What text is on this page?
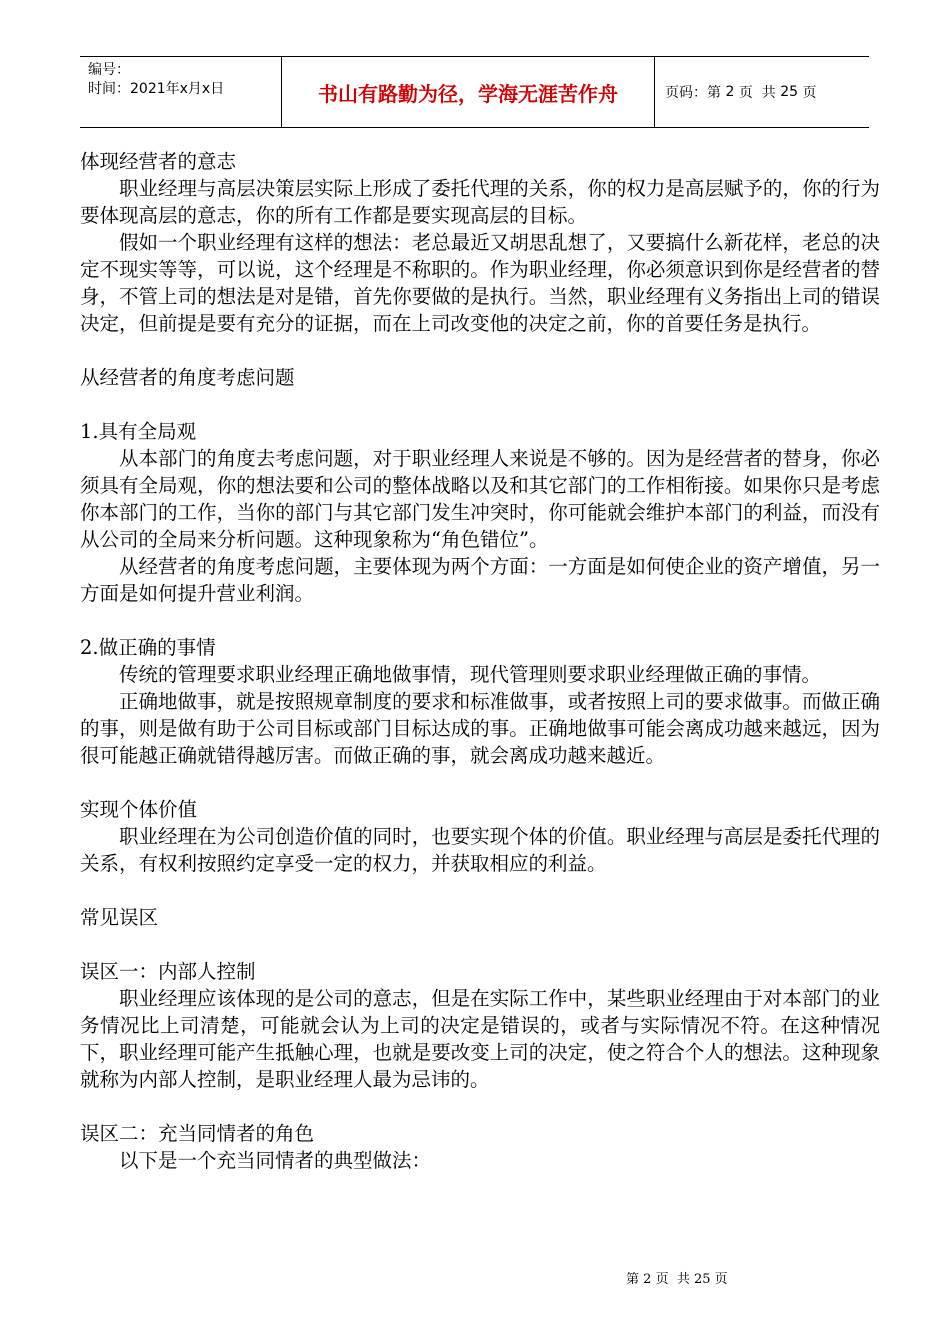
编号：
时间：2021年x月x日	书山有路勤为径，学海无涯苦作舟	页码：第
2
页  共
25
页

体现经营者的意志

职业经理与高层决策层实际上形成了委托代理的关系，你的权力是高层赋予的，你的行为要体现高层的意志，你的所有工作都是要实现高层的目标。

假如一个职业经理有这样的想法：老总最近又胡思乱想了，又要搞什么新花样，老总的决定不现实等等，可以说，这个经理是不称职的。作为职业经理，你必须意识到你是经营者的替身，不管上司的想法是对是错，首先你要做的是执行。当然，职业经理有义务指出上司的错误决定，但前提是要有充分的证据，而在上司改变他的决定之前，你的首要任务是执行。

从经营者的角度考虑问题

1.具有全局观

从本部门的角度去考虑问题，对于职业经理人来说是不够的。因为是经营者的替身，你必须具有全局观，你的想法要和公司的整体战略以及和其它部门的工作相衔接。如果你只是考虑你本部门的工作，当你的部门与其它部门发生冲突时，你可能就会维护本部门的利益，而没有从公司的全局来分析问题。这种现象称为“角色错位”。

从经营者的角度考虑问题，主要体现为两个方面：一方面是如何使企业的资产增值，另一方面是如何提升营业利润。

2.做正确的事情

传统的管理要求职业经理正确地做事情，现代管理则要求职业经理做正确的事情。

正确地做事，就是按照规章制度的要求和标准做事，或者按照上司的要求做事。而做正确的事，则是做有助于公司目标或部门目标达成的事。正确地做事可能会离成功越来越远，因为很可能越正确就错得越厉害。而做正确的事，就会离成功越来越近。

实现个体价值

职业经理在为公司创造价值的同时，也要实现个体的价值。职业经理与高层是委托代理的关系，有权利按照约定享受一定的权力，并获取相应的利益。

常见误区

误区一：内部人控制

职业经理应该体现的是公司的意志，但是在实际工作中，某些职业经理由于对本部门的业务情况比上司清楚，可能就会认为上司的决定是错误的，或者与实际情况不符。在这种情况下，职业经理可能产生抵触心理，也就是要改变上司的决定，使之符合个人的想法。这种现象就称为内部人控制，是职业经理人最为忌讳的。

误区二：充当同情者的角色

以下是一个充当同情者的典型做法：

第 2 页  共 25 页
